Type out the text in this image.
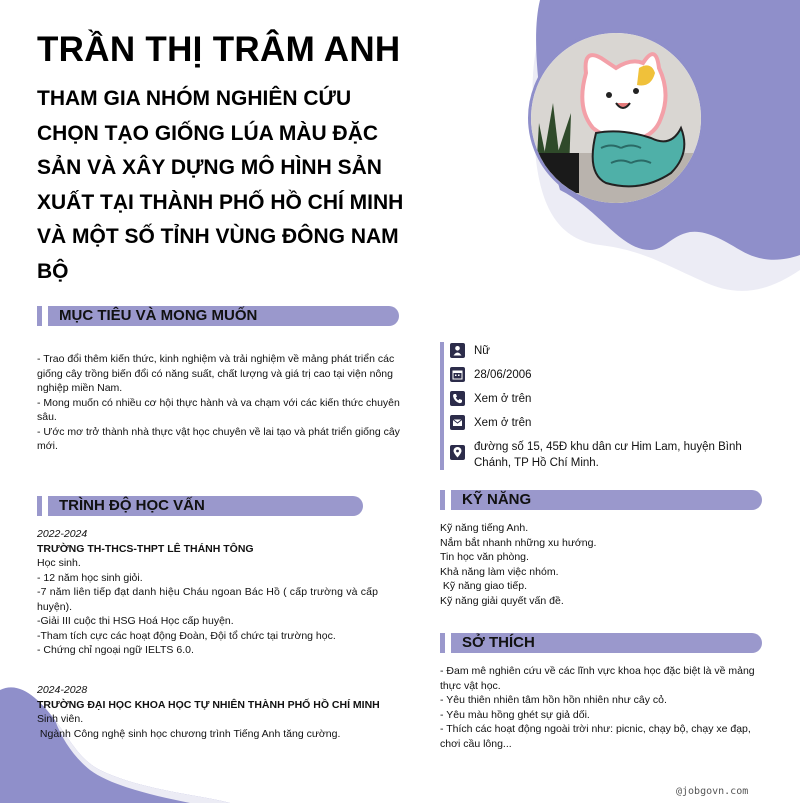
TRẦN THỊ TRÂM ANH
THAM GIA NHÓM NGHIÊN CỨU
CHỌN TẠO GIỐNG LÚA MÀU ĐẶC
SẢN VÀ XÂY DỰNG MÔ HÌNH SẢN
XUẤT TẠI THÀNH PHỐ HỒ CHÍ MINH
VÀ MỘT SỐ TỈNH VÙNG ĐÔNG NAM
BỘ
MỤC TIÊU VÀ MONG MUỐN
- Trao đổi thêm kiến thức, kinh nghiệm và trải nghiệm về mảng phát triển các
giống cây trồng biến đổi có năng suất, chất lượng và giá trị cao tại viện nông
nghiệp miền Nam.
- Mong muốn có nhiều cơ hội thực hành và va chạm với các kiến thức chuyên
sâu.
- Ước mơ trở thành nhà thực vật học chuyên về lai tạo và phát triển giống cây
mới.
Nữ
28/06/2006
Xem ở trên
Xem ở trên
đường số 15, 45Đ khu dân cư Him Lam, huyện Bình
Chánh, TP Hồ Chí Minh.
TRÌNH ĐỘ HỌC VẤN
2022-2024
TRƯỜNG TH-THCS-THPT LÊ THÁNH TÔNG
Học sinh.
- 12 năm học sinh giỏi.
-7 năm liên tiếp đạt danh hiệu Cháu ngoan Bác Hồ ( cấp trường và cấp
huyện).
-Giải III cuộc thi HSG Hoá Học cấp huyện.
-Tham tích cực các hoạt động Đoàn, Đội tổ chức tại trường học.
- Chứng chỉ ngoại ngữ IELTS 6.0.
2024-2028
TRƯỜNG ĐẠI HỌC KHOA HỌC TỰ NHIÊN THÀNH PHỐ HỒ CHÍ MINH
Sinh viên.
Ngành Công nghệ sinh học chương trình Tiếng Anh tăng cường.
KỸ NĂNG
Kỹ năng tiếng Anh.
Nắm bắt nhanh những xu hướng.
Tin học văn phòng.
Khả năng làm việc nhóm.
Kỹ năng giao tiếp.
Kỹ năng giải quyết vấn đề.
SỞ THÍCH
- Đam mê nghiên cứu về các lĩnh vực khoa học đặc biệt là về mảng
thực vật học.
- Yêu thiên nhiên tâm hồn hồn nhiên như cây cỏ.
- Yêu màu hồng ghét sự giả dối.
- Thích các hoạt động ngoài trời như: picnic, chạy bộ, chạy xe đạp,
chơi cầu lông...
@jobgovn.com
